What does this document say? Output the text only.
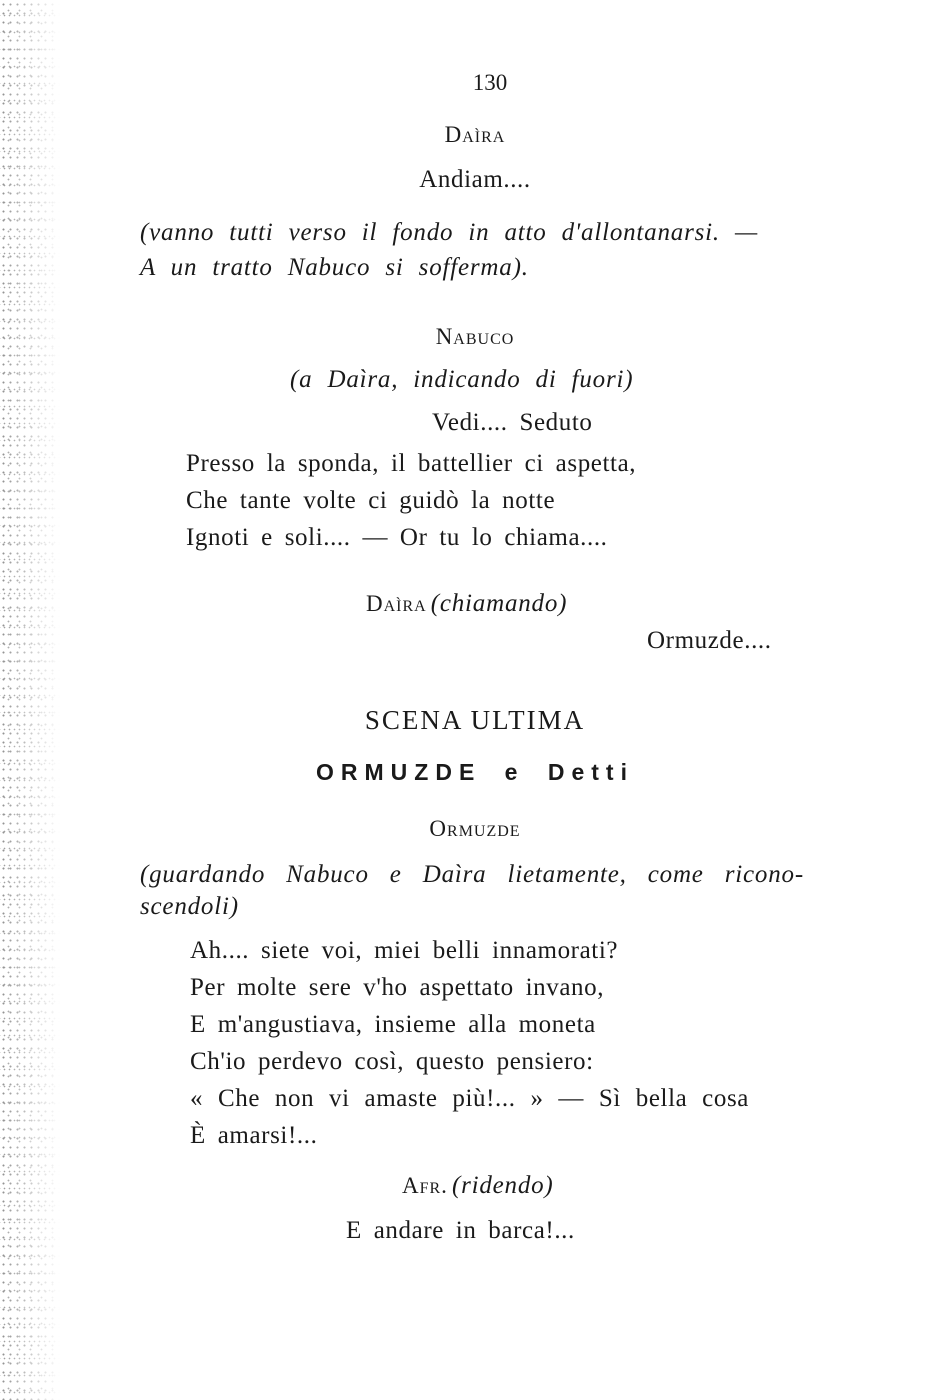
130
Daìra
Andiam....
(vanno tutti verso il fondo in atto d'allontanarsi. —
A un tratto Nabuco si sofferma).
Nabuco
(a Daìra, indicando di fuori)
Vedi.... Seduto
Presso la sponda, il battellier ci aspetta,
Che tante volte ci guidò la notte
Ignoti e soli.... — Or tu lo chiama....
Daìra (chiamando)
Ormuzde....
SCENA ULTIMA
ORMUZDE e Detti
Ormuzde
(guardando Nabuco e Daìra lietamente, come ricono-
scendoli)
Ah.... siete voi, miei belli innamorati?
Per molte sere v'ho aspettato invano,
E m'angustiava, insieme alla moneta
Ch'io perdevo così, questo pensiero:
« Che non vi amaste più!... » — Sì bella cosa
È amarsi!...
Afr. (ridendo)
E andare in barca!...
